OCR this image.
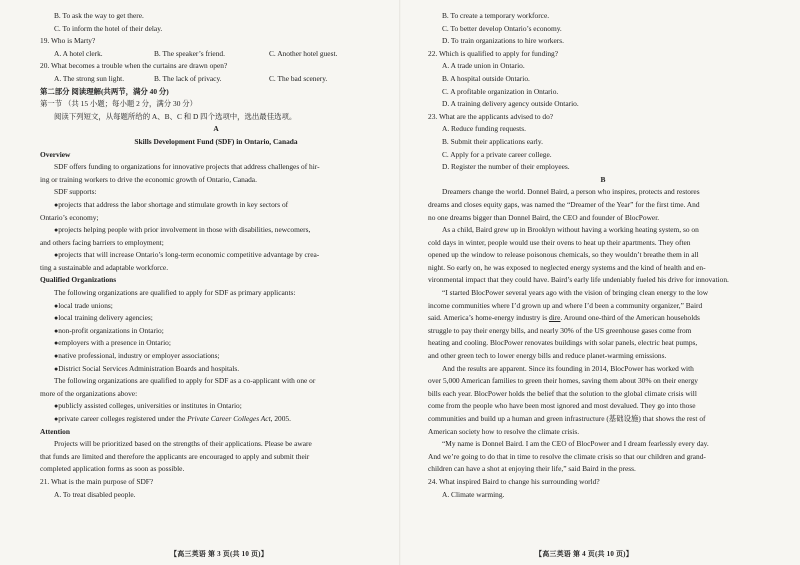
B. To ask the way to get there.
C. To inform the hotel of their delay.
19. Who is Marty?
A. A hotel clerk.	B. The speaker’s friend.	C. Another hotel guest.
20. What becomes a trouble when the curtains are drawn open?
A. The strong sun light.	B. The lack of privacy.	C. The bad scenery.
第二部分 阅读理解(共两节，满分 40 分)
第一节 （共 15 小题；每小题 2 分，满分 30 分）
阅读下列短文，从每题所给的 A、B、C 和 D 四个选项中，选出最佳选项。
A
Skills Development Fund (SDF) in Ontario, Canada
Overview
SDF offers funding to organizations for innovative projects that address challenges of hir-
ing or training workers to drive the economic growth of Ontario, Canada.
SDF supports:
● projects that address the labor shortage and stimulate growth in key sectors of
Ontario’s economy;
● projects helping people with prior involvement in those with disabilities, newcomers,
and others facing barriers to employment;
● projects that will increase Ontario’s long-term economic competitive advantage by crea-
ting a sustainable and adaptable workforce.
Qualified Organizations
The following organizations are qualified to apply for SDF as primary applicants:
● local trade unions;
● local training delivery agencies;
● non-profit organizations in Ontario;
● employers with a presence in Ontario;
● native professional, industry or employer associations;
● District Social Services Administration Boards and hospitals.
The following organizations are qualified to apply for SDF as a co-applicant with one or
more of the organizations above:
● publicly assisted colleges, universities or institutes in Ontario;
● private career colleges registered under the Private Career Colleges Act, 2005.
Attention
Projects will be prioritized based on the strengths of their applications. Please be aware
that funds are limited and therefore the applicants are encouraged to apply and submit their
completed application forms as soon as possible.
21. What is the main purpose of SDF?
A. To treat disabled people.
【高三英语 第 3 页(共 10 页)】
B. To create a temporary workforce.
C. To better develop Ontario’s economy.
D. To train organizations to hire workers.
22. Which is qualified to apply for funding?
A. A trade union in Ontario.
B. A hospital outside Ontario.
C. A profitable organization in Ontario.
D. A training delivery agency outside Ontario.
23. What are the applicants advised to do?
A. Reduce funding requests.
B. Submit their applications early.
C. Apply for a private career college.
D. Register the number of their employees.
B
Dreamers change the world. Donnel Baird, a person who inspires, protects and restores
dreams and closes equity gaps, was named the “Dreamer of the Year” for the first time. And
no one dreams bigger than Donnel Baird, the CEO and founder of BlocPower.
As a child, Baird grew up in Brooklyn without having a working heating system, so on
cold days in winter, people would use their ovens to heat up their apartments. They often
opened up the window to release poisonous chemicals, so they wouldn’t breathe them in all
night. So early on, he was exposed to neglected energy systems and the kind of health and en-
vironmental impact that they could have. Baird’s early life undeniably fueled his drive for innovation.
“I started BlocPower several years ago with the vision of bringing clean energy to the low
income communities where I’d grown up and where I’d been a community organizer,” Baird
said. America’s home-energy industry is dire. Around one-third of the American households
struggle to pay their energy bills, and nearly 30% of the US greenhouse gases come from
heating and cooling. BlocPower renovates buildings with solar panels, electric heat pumps,
and other green tech to lower energy bills and reduce planet-warming emissions.
And the results are apparent. Since its founding in 2014, BlocPower has worked with
over 5,000 American families to green their homes, saving them about 30% on their energy
bills each year. BlocPower holds the belief that the solution to the global climate crisis will
come from the people who have been most ignored and most devalued. They go into those
communities and build up a human and green infrastructure (基础设施) that shows the rest of
American society how to resolve the climate crisis.
“My name is Donnel Baird. I am the CEO of BlocPower and I dream fearlessly every day.
And we’re going to do that in time to resolve the climate crisis so that our children and grand-
children can have a shot at enjoying their life,” said Baird in the press.
24. What inspired Baird to change his surrounding world?
A. Climate warming.
【高三英语 第 4 页(共 10 页)】
